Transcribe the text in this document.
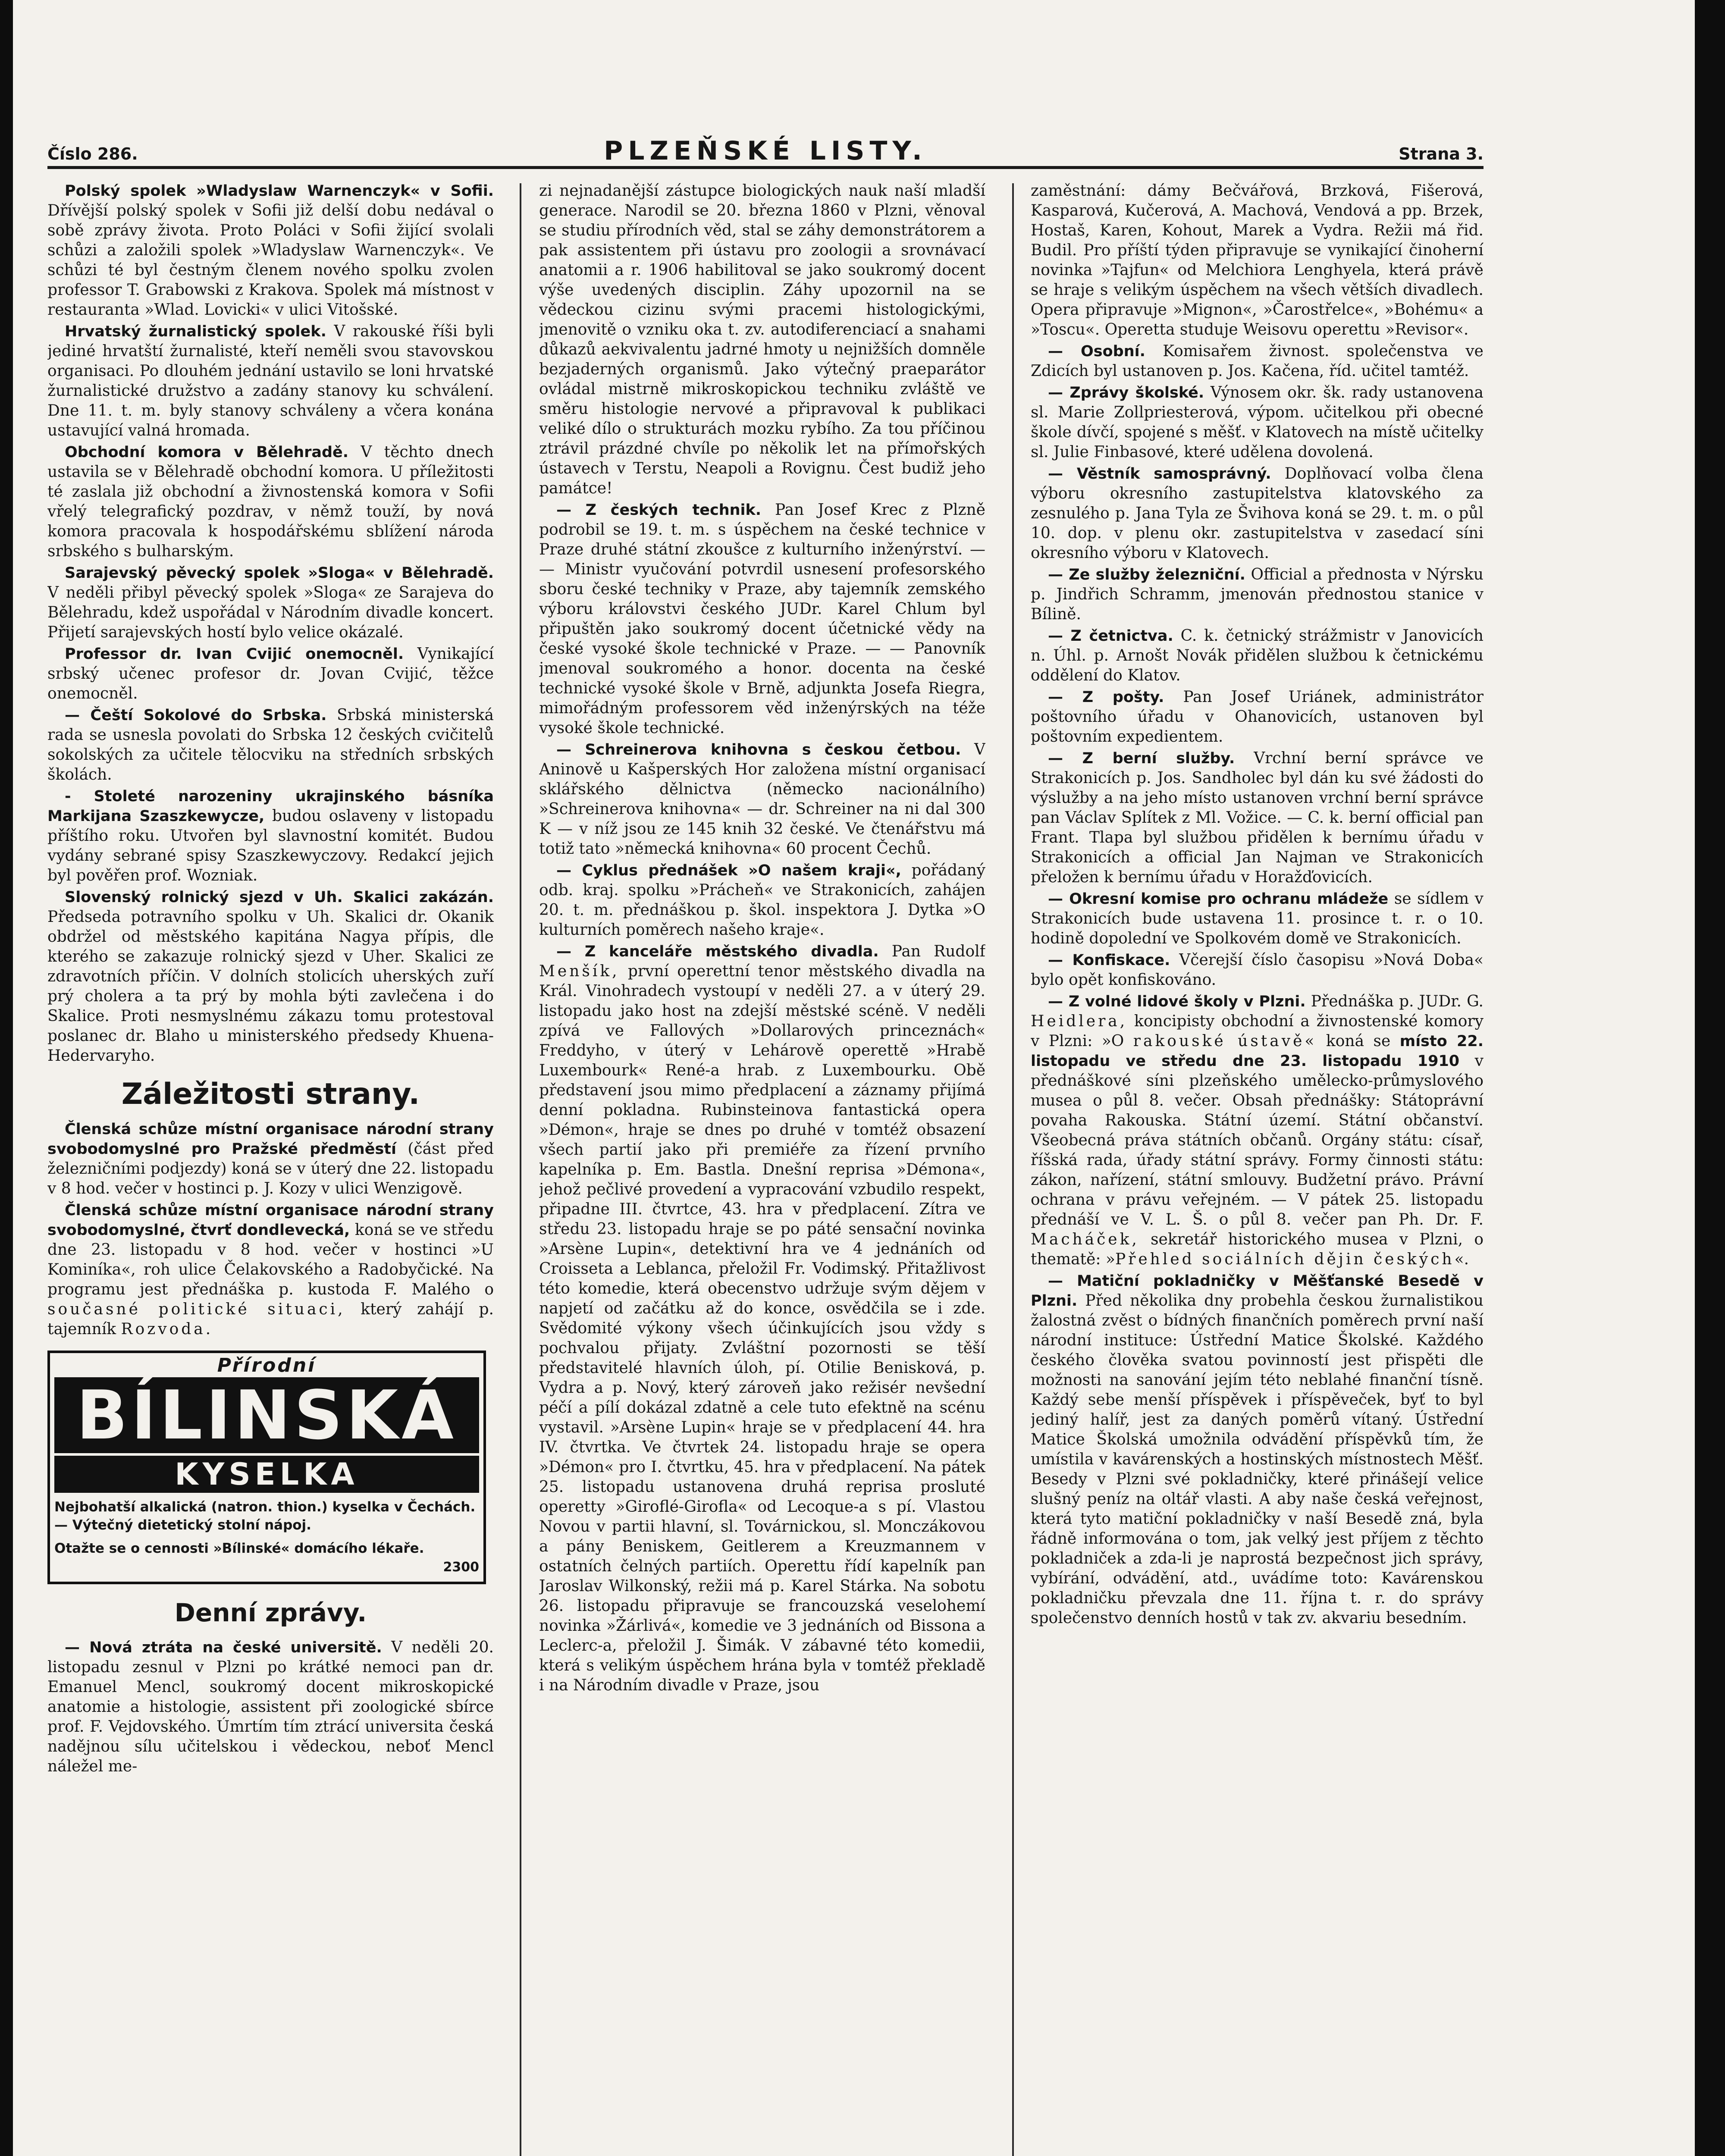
Číslo 286.	PLZEŇSKÉ LISTY.	Strana 3.

Polský spolek »Wladyslaw Warnenczyk« v Sofii. Dřívější polský spolek v Sofii již delší dobu nedával o sobě zprávy života. Proto Poláci v Sofii žijící svolali schůzi a založili spolek »Wladyslaw Warnenczyk«. Ve schůzi té byl čestným členem nového spolku zvolen professor T. Grabowski z Krakova. Spolek má místnost v restauranta »Wlad. Lovicki« v ulici Vitošské.

Hrvatský žurnalistický spolek. V rakouské říši byli jediné hrvatští žurnalisté, kteří neměli svou stavovskou organisaci. Po dlouhém jednání ustavilo se loni hrvatské žurnalistické družstvo a zadány stanovy ku schválení. Dne 11. t. m. byly stanovy schváleny a včera konána ustavující valná hromada.

Obchodní komora v Bělehradě. V těchto dnech ustavila se v Bělehradě obchodní komora. U příležitosti té zaslala již obchodní a živnostenská komora v Sofii vřelý telegrafický pozdrav, v němž touží, by nová komora pracovala k hospodářskému sblížení národa srbského s bulharským.

Sarajevský pěvecký spolek »Sloga« v Bělehradě. V neděli přibyl pěvecký spolek »Sloga« ze Sarajeva do Bělehradu, kdež uspořádal v Národním divadle koncert. Přijetí sarajevských hostí bylo velice okázalé.

Professor dr. Ivan Cvijić onemocněl. Vynikající srbský učenec profesor dr. Jovan Cvijić, těžce onemocněl.

— Čeští Sokolové do Srbska. Srbská ministerská rada se usnesla povolati do Srbska 12 českých cvičitelů sokolských za učitele tělocviku na středních srbských školách.

- Stoleté narozeniny ukrajinského básníka Markijana Szaszkewycze, budou oslaveny v listopadu příštího roku. Utvořen byl slavnostní komitét. Budou vydány sebrané spisy Szaszkewyczovy. Redakcí jejich byl pověřen prof. Wozniak.

Slovenský rolnický sjezd v Uh. Skalici zakázán. Předseda potravního spolku v Uh. Skalici dr. Okanik obdržel od městského kapitána Nagya přípis, dle kterého se zakazuje rolnický sjezd v Uher. Skalici ze zdravotních příčin. V dolních stolicích uherských zuří prý cholera a ta prý by mohla býti zavlečena i do Skalice. Proti nesmyslnému zákazu tomu protestoval poslanec dr. Blaho u ministerského předsedy Khuena-Hedervaryho.

Záležitosti strany.

Členská schůze místní organisace národní strany svobodomyslné pro Pražské předměstí (část před železničními podjezdy) koná se v úterý dne 22. listopadu v 8 hod. večer v hostinci p. J. Kozy v ulici Wenzigově.

Členská schůze místní organisace národní strany svobodomyslné, čtvrť dondlevecká, koná se ve středu dne 23. listopadu v 8 hod. večer v hostinci »U Kominíka«, roh ulice Čelakovského a Radobyčické. Na programu jest přednáška p. kustoda F. Malého o současné politické situaci, který zahájí p. tajemník Rozvoda.

Přírodní
BÍLINSKÁ
KYSELKA
Nejbohatší alkalická (natron. thion.) kyselka v Čechách. — Výtečný dietetický stolní nápoj.
Otažte se o cennosti »Bílinské« domácího lékaře.
2300
Denní zprávy.

— Nová ztráta na české universitě. V neděli 20. listopadu zesnul v Plzni po krátké nemoci pan dr. Emanuel Mencl, soukromý docent mikroskopické anatomie a histologie, assistent při zoologické sbírce prof. F. Vejdovského. Úmrtím tím ztrácí universita česká nadějnou sílu učitelskou i vědeckou, neboť Mencl náležel me-

zi nejnadanější zástupce biologických nauk naší mladší generace. Narodil se 20. března 1860 v Plzni, věnoval se studiu přírodních věd, stal se záhy demonstrátorem a pak assistentem při ústavu pro zoologii a srovnávací anatomii a r. 1906 habilitoval se jako soukromý docent výše uvedených disciplin. Záhy upozornil na se vědeckou cizinu svými pracemi histologickými, jmenovitě o vzniku oka t. zv. autodiferenciací a snahami důkazů aekvivalentu jadrné hmoty u nejnižších domněle bezjaderných organismů. Jako výtečný praeparátor ovládal mistrně mikroskopickou techniku zvláště ve směru histologie nervové a připravoval k publikaci veliké dílo o strukturách mozku rybího. Za tou příčinou ztrávil prázdné chvíle po několik let na přímořských ústavech v Terstu, Neapoli a Rovignu. Čest budiž jeho památce!

— Z českých technik. Pan Josef Krec z Plzně podrobil se 19. t. m. s úspěchem na české technice v Praze druhé státní zkoušce z kulturního inženýrství. — — Ministr vyučování potvrdil usnesení profesorského sboru české techniky v Praze, aby tajemník zemského výboru královstvi českého JUDr. Karel Chlum byl připuštěn jako soukromý docent účetnické vědy na české vysoké škole technické v Praze. — — Panovník jmenoval soukromého a honor. docenta na české technické vysoké škole v Brně, adjunkta Josefa Riegra, mimořádným professorem věd inženýrských na téže vysoké škole technické.

— Schreinerova knihovna s českou četbou. V Aninově u Kašperských Hor založena místní organisací sklářského dělnictva (německo nacionálního) »Schreinerova knihovna« — dr. Schreiner na ni dal 300 K — v níž jsou ze 145 knih 32 české. Ve čtenářstvu má totiž tato »německá knihovna« 60 procent Čechů.

— Cyklus přednášek »O našem kraji«, pořádaný odb. kraj. spolku »Prácheň« ve Strakonicích, zahájen 20. t. m. přednáškou p. škol. inspektora J. Dytka »O kulturních poměrech našeho kraje«.

— Z kanceláře městského divadla. Pan Rudolf Menšík, první operettní tenor městského divadla na Král. Vinohradech vystoupí v neděli 27. a v úterý 29. listopadu jako host na zdejší městské scéně. V neděli zpívá ve Fallových »Dollarových princeznách« Freddyho, v úterý v Lehárově operettě »Hrabě Luxembourk« René-a hrab. z Luxembourku. Obě představení jsou mimo předplacení a záznamy přijímá denní pokladna. Rubinsteinova fantastická opera »Démon«, hraje se dnes po druhé v tomtéž obsazení všech partií jako při premiéře za řízení prvního kapelníka p. Em. Bastla. Dnešní reprisa »Démona«, jehož pečlivé provedení a vypracování vzbudilo respekt, připadne III. čtvrtce, 43. hra v předplacení. Zítra ve středu 23. listopadu hraje se po páté sensační novinka »Arsène Lupin«, detektivní hra ve 4 jednáních od Croisseta a Leblanca, přeložil Fr. Vodimský. Přitažlivost této komedie, která obecenstvo udržuje svým dějem v napjetí od začátku až do konce, osvědčila se i zde. Svědomité výkony všech účinkujících jsou vždy s pochvalou přijaty. Zvláštní pozornosti se těší představitelé hlavních úloh, pí. Otilie Benisková, p. Vydra a p. Nový, který zároveň jako režisér nevšední péčí a pílí dokázal zdatně a cele tuto efektně na scénu vystavil. »Arsène Lupin« hraje se v předplacení 44. hra IV. čtvrtka. Ve čtvrtek 24. listopadu hraje se opera »Démon« pro I. čtvrtku, 45. hra v předplacení. Na pátek 25. listopadu ustanovena druhá reprisa prosluté operetty »Giroflé-Girofla« od Lecoque-a s pí. Vlastou Novou v partii hlavní, sl. Továrnickou, sl. Monczákovou a pány Beniskem, Geitlerem a Kreuzmannem v ostatních čelných partiích. Operettu řídí kapelník pan Jaroslav Wilkonský, režii má p. Karel Stárka. Na sobotu 26. listopadu připravuje se francouzská veselohemí novinka »Žárlivá«, komedie ve 3 jednáních od Bissona a Leclerc-a, přeložil J. Šimák. V zábavné této komedii, která s velikým úspěchem hrána byla v tomtéž překladě i na Národním divadle v Praze, jsou

zaměstnání: dámy Bečvářová, Brzková, Fišerová, Kasparová, Kučerová, A. Machová, Vendová a pp. Brzek, Hostaš, Karen, Kohout, Marek a Vydra. Režii má řid. Budil. Pro příští týden připravuje se vynikající činoherní novinka »Tajfun« od Melchiora Lenghyela, která právě se hraje s velikým úspěchem na všech větších divadlech. Opera připravuje »Mignon«, »Čarostřelce«, »Bohému« a »Toscu«. Operetta studuje Weisovu operettu »Revisor«.

— Osobní. Komisařem živnost. společenstva ve Zdicích byl ustanoven p. Jos. Kačena, říd. učitel tamtéž.

— Zprávy školské. Výnosem okr. šk. rady ustanovena sl. Marie Zollpriesterová, výpom. učitelkou při obecné škole dívčí, spojené s měšť. v Klatovech na místě učitelky sl. Julie Finbasové, které udělena dovolená.

— Věstník samosprávný. Doplňovací volba člena výboru okresního zastupitelstva klatovského za zesnulého p. Jana Tyla ze Švihova koná se 29. t. m. o půl 10. dop. v plenu okr. zastupitelstva v zasedací síni okresního výboru v Klatovech.

— Ze služby železniční. Official a přednosta v Nýrsku p. Jindřich Schramm, jmenován přednostou stanice v Bílině.

— Z četnictva. C. k. četnický strážmistr v Janovicích n. Úhl. p. Arnošt Novák přidělen službou k četnickému oddělení do Klatov.

— Z pošty. Pan Josef Uriánek, administrátor poštovního úřadu v Ohanovicích, ustanoven byl poštovním expedientem.

— Z berní služby. Vrchní berní správce ve Strakonicích p. Jos. Sandholec byl dán ku své žádosti do výslužby a na jeho místo ustanoven vrchní berní správce pan Václav Splítek z Ml. Vožice. — C. k. berní official pan Frant. Tlapa byl službou přidělen k bernímu úřadu v Strakonicích a official Jan Najman ve Strakonicích přeložen k bernímu úřadu v Horažďovicích.

— Okresní komise pro ochranu mládeže se sídlem v Strakonicích bude ustavena 11. prosince t. r. o 10. hodině dopolední ve Spolkovém domě ve Strakonicích.

— Konfiskace. Včerejší číslo časopisu »Nová Doba« bylo opět konfiskováno.

— Z volné lidové školy v Plzni. Přednáška p. JUDr. G. Heidlera, koncipisty obchodní a živnostenské komory v Plzni: »O rakouské ústavě« koná se místo 22. listopadu ve středu dne 23. listopadu 1910 v přednáškové síni plzeňského umělecko-průmyslového musea o půl 8. večer. Obsah přednášky: Státoprávní povaha Rakouska. Státní území. Státní občanství. Všeobecná práva státních občanů. Orgány státu: císař, říšská rada, úřady státní správy. Formy činnosti státu: zákon, nařízení, státní smlouvy. Budžetní právo. Právní ochrana v právu veřejném. — V pátek 25. listopadu přednáší ve V. L. Š. o půl 8. večer pan Ph. Dr. F. Macháček, sekretář historického musea v Plzni, o thematě: »Přehled sociálních dějin českých«.

— Matiční pokladničky v Měšťanské Besedě v Plzni. Před několika dny probehla českou žurnalistikou žalostná zvěst o bídných finančních poměrech první naší národní instituce: Ústřední Matice Školské. Každého českého člověka svatou povinností jest přispěti dle možnosti na sanování jejím této neblahé finanční tísně. Každý sebe menší příspěvek i příspěveček, byť to byl jediný halíř, jest za daných poměrů vítaný. Ústřední Matice Školská umožnila odvádění příspěvků tím, že umístila v kavárenských a hostinských místnostech Měšť. Besedy v Plzni své pokladničky, které přinášejí velice slušný peníz na oltář vlasti. A aby naše česká veřejnost, která tyto matiční pokladničky v naší Besedě zná, byla řádně informována o tom, jak velký jest příjem z těchto pokladniček a zda-li je naprostá bezpečnost jich správy, vybírání, odvádění, atd., uvádíme toto: Kavárenskou pokladničku převzala dne 11. října t. r. do správy společenstvo denních hostů v tak zv. akvariu besedním.
